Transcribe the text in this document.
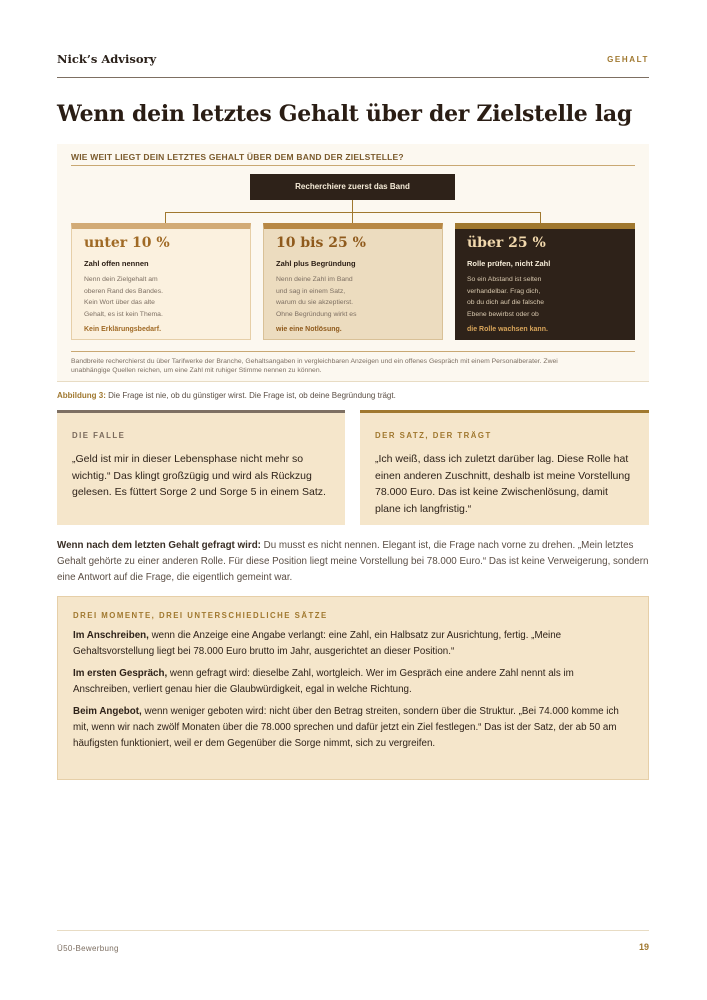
Nick’s Advisory	GEHALT
Wenn dein letztes Gehalt über der Zielstelle lag
WIE WEIT LIEGT DEIN LETZTES GEHALT ÜBER DEM BAND DER ZIELSTELLE?
Recherchiere zuerst das Band
unter 10 %
Zahl offen nennen
Nenn dein Zielgehalt am
oberen Rand des Bandes.
Kein Wort über das alte
Gehalt, es ist kein Thema.
Kein Erklärungsbedarf.
10 bis 25 %
Zahl plus Begründung
Nenn deine Zahl im Band
und sag in einem Satz,
warum du sie akzeptierst.
Ohne Begründung wirkt es
wie eine Notlösung.
über 25 %
Rolle prüfen, nicht Zahl
So ein Abstand ist selten
verhandelbar. Frag dich,
ob du dich auf die falsche
Ebene bewirbst oder ob
die Rolle wachsen kann.
Bandbreite recherchierst du über Tarifwerke der Branche, Gehaltsangaben in vergleichbaren Anzeigen und ein offenes Gespräch mit einem Personalberater. Zwei unabhängige Quellen reichen, um eine Zahl mit ruhiger Stimme nennen zu können.
Abbildung 3: Die Frage ist nie, ob du günstiger wirst. Die Frage ist, ob deine Begründung trägt.
DIE FALLE
„Geld ist mir in dieser Lebensphase nicht mehr so wichtig.“ Das klingt großzügig und wird als Rückzug gelesen. Es füttert Sorge 2 und Sorge 5 in einem Satz.
DER SATZ, DER TRÄGT
„Ich weiß, dass ich zuletzt darüber lag. Diese Rolle hat einen anderen Zuschnitt, deshalb ist meine Vorstellung 78.000 Euro. Das ist keine Zwischenlösung, damit plane ich langfristig.“

Wenn nach dem letzten Gehalt gefragt wird: Du musst es nicht nennen. Elegant ist, die Frage nach vorne zu drehen. „Mein letztes Gehalt gehörte zu einer anderen Rolle. Für diese Position liegt meine Vorstellung bei 78.000 Euro.“ Das ist keine Verweigerung, sondern eine Antwort auf die Frage, die eigentlich gemeint war.

DREI MOMENTE, DREI UNTERSCHIEDLICHE SÄTZE

Im Anschreiben, wenn die Anzeige eine Angabe verlangt: eine Zahl, ein Halbsatz zur Ausrichtung, fertig. „Meine Gehaltsvorstellung liegt bei 78.000 Euro brutto im Jahr, ausgerichtet an dieser Position.“

Im ersten Gespräch, wenn gefragt wird: dieselbe Zahl, wortgleich. Wer im Gespräch eine andere Zahl nennt als im Anschreiben, verliert genau hier die Glaubwürdigkeit, egal in welche Richtung.

Beim Angebot, wenn weniger geboten wird: nicht über den Betrag streiten, sondern über die Struktur. „Bei 74.000 komme ich mit, wenn wir nach zwölf Monaten über die 78.000 sprechen und dafür jetzt ein Ziel festlegen.“ Das ist der Satz, der ab 50 am häufigsten funktioniert, weil er dem Gegenüber die Sorge nimmt, sich zu vergreifen.

Ü50-Bewerbung	19
